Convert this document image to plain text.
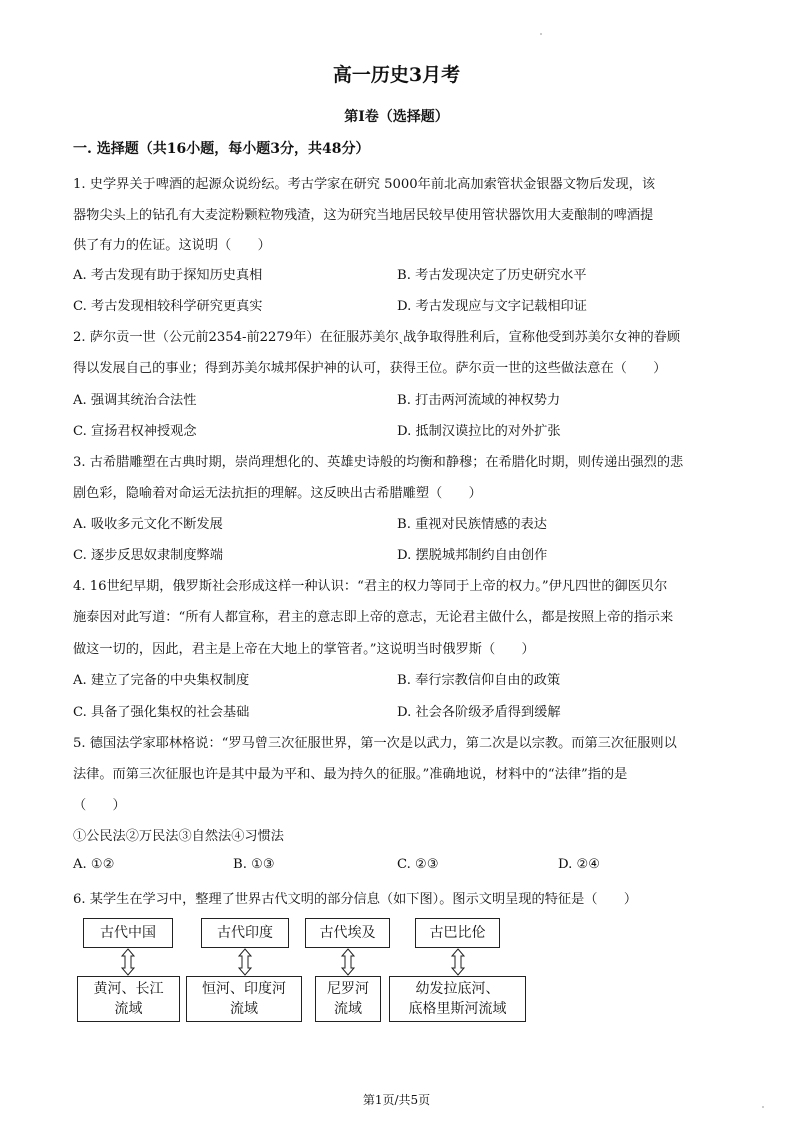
高一历史3月考
第I卷（选择题）
一. 选择题（共16小题，每小题3分，共48分）
1. 史学界关于啤酒的起源众说纷纭。考古学家在研究 5000年前北高加索管状金银器文物后发现，该
器物尖头上的钻孔有大麦淀粉颗粒物残渣，这为研究当地居民较早使用管状器饮用大麦酿制的啤酒提
供了有力的佐证。这说明（　　）
A. 考古发现有助于探知历史真相	B. 考古发现决定了历史研究水平
C. 考古发现相较科学研究更真实	D. 考古发现应与文字记载相印证
2. 萨尔贡一世（公元前2354-前2279年）在征服苏美尔ˎ战争取得胜利后，宣称他受到苏美尔女神的眷顾
得以发展自己的事业；得到苏美尔城邦保护神的认可，获得王位。萨尔贡一世的这些做法意在（　　）
A. 强调其统治合法性	B. 打击两河流域的神权势力
C. 宣扬君权神授观念	D. 抵制汉谟拉比的对外扩张
3. 古希腊雕塑在古典时期，崇尚理想化的、英雄史诗般的均衡和静穆；在希腊化时期，则传递出强烈的悲
剧色彩，隐喻着对命运无法抗拒的理解。这反映出古希腊雕塑（　　）
A. 吸收多元文化不断发展	B. 重视对民族情感的表达
C. 逐步反思奴隶制度弊端	D. 摆脱城邦制约自由创作
4. 16世纪早期，俄罗斯社会形成这样一种认识：“君主的权力等同于上帝的权力。”伊凡四世的御医贝尔
施泰因对此写道：“所有人都宣称，君主的意志即上帝的意志，无论君主做什么，都是按照上帝的指示来
做这一切的，因此，君主是上帝在大地上的掌管者。”这说明当时俄罗斯（　　）
A. 建立了完备的中央集权制度	B. 奉行宗教信仰自由的政策
C. 具备了强化集权的社会基础	D. 社会各阶级矛盾得到缓解
5. 德国法学家耶林格说：“罗马曾三次征服世界，第一次是以武力，第二次是以宗教。而第三次征服则以
法律。而第三次征服也许是其中最为平和、最为持久的征服。”准确地说，材料中的“法律”指的是
（　　）
①公民法②万民法③自然法④习惯法
A. ①②	B. ①③	C. ②③	D. ②④
6. 某学生在学习中，整理了世界古代文明的部分信息（如下图）。图示文明呈现的特征是（　　）
古代中国	古代印度	古代埃及	古巴比伦
黄河、长江
流域
恒河、印度河
流域
尼罗河
流域
幼发拉底河、
底格里斯河流域
第1页/共5页
